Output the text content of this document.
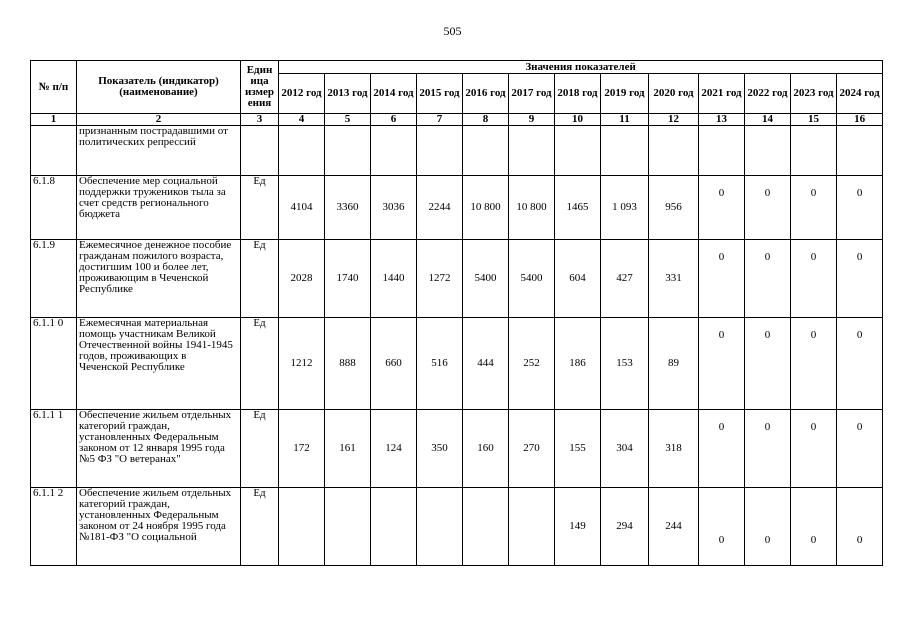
505
№ п/п	Показатель (индикатор) (наименование)	Един ица измер ения	Значения показателей												
			2012 год	2013 год	2014 год	2015 год	2016 год	2017 год	2018 год	2019 год	2020 год	2021 год	2022 год	2023 год	2024 год
1	2	3	4	5	6	7	8	9	10	11	12	13	14	15	16
	признанным пострадавшими от политических репрессий														
6.1.8	Обеспечение мер социальной поддержки тружеников тыла за счет средств регионального бюджета	Ед	4104	3360	3036	2244	10 800	10 800	1465	1 093	956	0	0	0	0
6.1.9	Ежемесячное денежное пособие гражданам пожилого возраста, достигшим 100 и более лет, проживающим в Чеченской Республике	Ед	2028	1740	1440	1272	5400	5400	604	427	331	0	0	0	0
6.1.1 0	Ежемесячная материальная помощь участникам Великой Отечественной войны 1941-1945 годов, проживающих в Чеченской Республике	Ед	1212	888	660	516	444	252	186	153	89	0	0	0	0
6.1.1 1	Обеспечение жильем отдельных категорий граждан, установленных Федеральным законом от 12 января 1995 года №5 ФЗ "О ветеранах"	Ед	172	161	124	350	160	270	155	304	318	0	0	0	0
6.1.1 2	Обеспечение жильем отдельных категорий граждан, установленных Федеральным законом от 24 ноября 1995 года №181-ФЗ "О социальной	Ед							149	294	244	0	0	0	0
